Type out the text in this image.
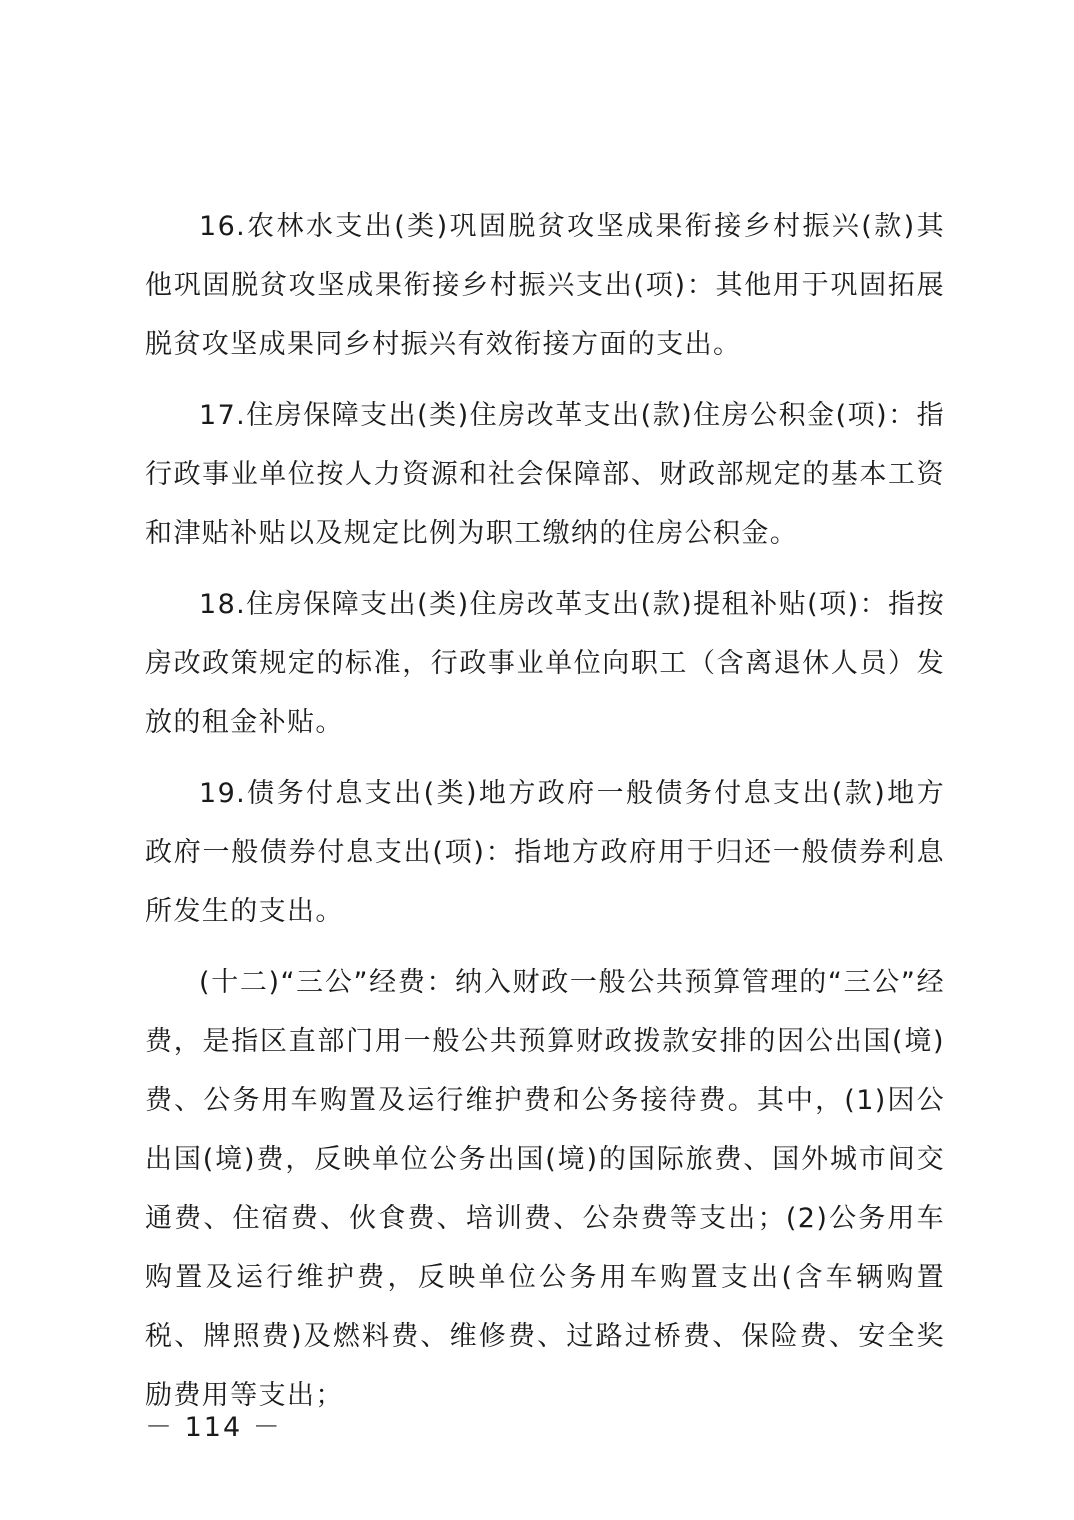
16.农林水支出(类)巩固脱贫攻坚成果衔接乡村振兴(款)其他巩固脱贫攻坚成果衔接乡村振兴支出(项)：其他用于巩固拓展脱贫攻坚成果同乡村振兴有效衔接方面的支出。

17.住房保障支出(类)住房改革支出(款)住房公积金(项)：指行政事业单位按人力资源和社会保障部、财政部规定的基本工资和津贴补贴以及规定比例为职工缴纳的住房公积金。

18.住房保障支出(类)住房改革支出(款)提租补贴(项)：指按房改政策规定的标准，行政事业单位向职工（含离退休人员）发放的租金补贴。

19.债务付息支出(类)地方政府一般债务付息支出(款)地方政府一般债券付息支出(项)：指地方政府用于归还一般债券利息所发生的支出。

(十二)“三公”经费：纳入财政一般公共预算管理的“三公”经费，是指区直部门用一般公共预算财政拨款安排的因公出国(境)费、公务用车购置及运行维护费和公务接待费。其中，(1)因公出国(境)费，反映单位公务出国(境)的国际旅费、国外城市间交通费、住宿费、伙食费、培训费、公杂费等支出；(2)公务用车购置及运行维护费，反映单位公务用车购置支出(含车辆购置税、牌照费)及燃料费、维修费、过路过桥费、保险费、安全奖励费用等支出；

－ 114 －
